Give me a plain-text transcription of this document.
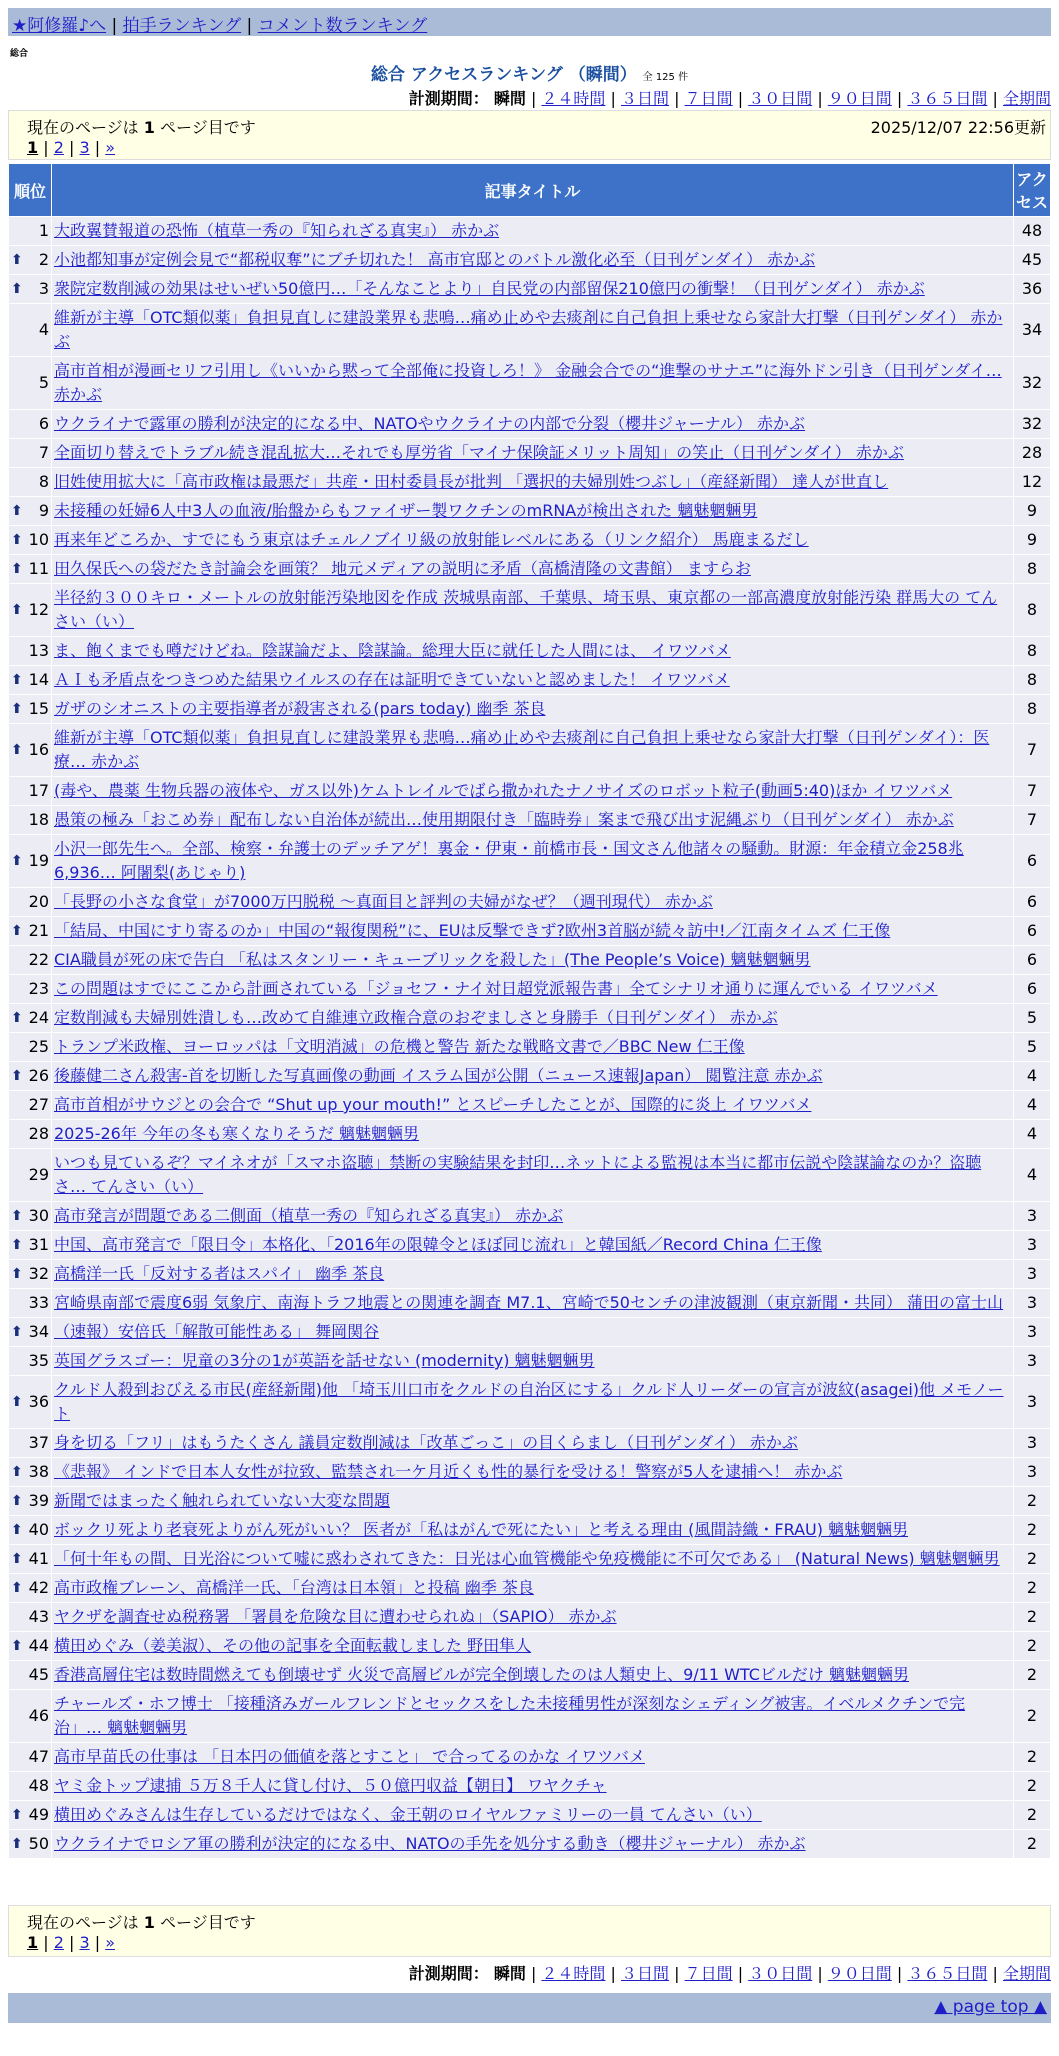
★阿修羅♪へ | 拍手ランキング | コメント数ランキング
総合
総合 アクセスランキング （瞬間） 全 125 件
計測期間： 瞬間 | ２４時間 | ３日間 | ７日間 | ３０日間 | ９０日間 | ３６５日間 | 全期間
現在のページは 1 ページ目です	2025/12/07 22:56更新
1 | 2 | 3 | »
順位	記事タイトル	アクセス
1	大政翼賛報道の恐怖（植草一秀の『知られざる真実』） 赤かぶ	48

⬆ 2	小池都知事が定例会見で“都税収奪”にブチ切れた！ 高市官邸とのバトル激化必至（日刊ゲンダイ） 赤かぶ	45

⬆ 3	衆院定数削減の効果はせいぜい50億円…「そんなことより」自民党の内部留保210億円の衝撃！（日刊ゲンダイ） 赤かぶ	36
4	維新が主導「OTC類似薬」負担見直しに建設業界も悲鳴…痛め止めや去痰剤に自己負担上乗せなら家計大打撃（日刊ゲンダイ） 赤かぶ	34
5	高市首相が漫画セリフ引用し《いいから黙って全部俺に投資しろ！》 金融会合での“進撃のサナエ”に海外ドン引き（日刊ゲンダイ… 赤かぶ	32
6	ウクライナで露軍の勝利が決定的になる中、NATOやウクライナの内部で分裂（櫻井ジャーナル） 赤かぶ	32
7	全面切り替えでトラブル続き混乱拡大…それでも厚労省「マイナ保険証メリット周知」の笑止（日刊ゲンダイ） 赤かぶ	28
8	旧姓使用拡大に「高市政権は最悪だ」共産・田村委員長が批判 「選択的夫婦別姓つぶし」（産経新聞） 達人が世直し	12

⬆ 9	未接種の妊婦6人中3人の血液/胎盤からもファイザー製ワクチンのmRNAが検出された 魑魅魍魎男	9

⬆ 10	再来年どころか、すでにもう東京はチェルノブイリ級の放射能レベルにある（リンク紹介） 馬鹿まるだし	9

⬆ 11	田久保氏への袋だたき討論会を画策？ 地元メディアの説明に矛盾（高橋清隆の文書館） ますらお	8

⬆ 12	半径約３００キロ・メートルの放射能汚染地図を作成 茨城県南部、千葉県、埼玉県、東京都の一部高濃度放射能汚染 群馬大の てんさい（い）	8
13	ま、飽くまでも噂だけどね。陰謀論だよ、陰謀論。総理大臣に就任した人間には、 イワツバメ	8

⬆ 14	ＡＩも矛盾点をつきつめた結果ウイルスの存在は証明できていないと認めました！ イワツバメ	8

⬆ 15	ガザのシオニストの主要指導者が殺害される(pars today) 幽季 茶良	8

⬆ 16	維新が主導「OTC類似薬」負担見直しに建設業界も悲鳴…痛め止めや去痰剤に自己負担上乗せなら家計大打撃（日刊ゲンダイ）：医療… 赤かぶ	7
17	(毒や、農薬 生物兵器の液体や、ガス以外)ケムトレイルでばら撒かれたナノサイズのロボット粒子(動画5:40)ほか イワツバメ	7
18	愚策の極み「おこめ券」配布しない自治体が続出…使用期限付き「臨時券」案まで飛び出す泥縄ぶり（日刊ゲンダイ） 赤かぶ	7

⬆ 19	小沢一郎先生へ。全部、検察・弁護士のデッチアゲ！裏金・伊東・前橋市長・国文さん他諸々の騒動。財源：年金積立金258兆6,936… 阿闍梨(あじゃり)	6
20	「長野の小さな食堂」が7000万円脱税 ～真面目と評判の夫婦がなぜ？（週刊現代） 赤かぶ	6

⬆ 21	「結局、中国にすり寄るのか」中国の“報復関税”に、EUは反撃できず?欧州3首脳が続々訪中!／江南タイムズ 仁王像	6
22	CIA職員が死の床で告白 「私はスタンリー・キューブリックを殺した」(The People’s Voice) 魑魅魍魎男	6
23	この問題はすでにここから計画されている「ジョセフ・ナイ対日超党派報告書」全てシナリオ通りに運んでいる イワツバメ	6

⬆ 24	定数削減も夫婦別姓潰しも…改めて自維連立政権合意のおぞましさと身勝手（日刊ゲンダイ） 赤かぶ	5
25	トランプ米政権、ヨーロッパは「文明消滅」の危機と警告 新たな戦略文書で／BBC New 仁王像	5

⬆ 26	後藤健二さん殺害-首を切断した写真画像の動画 イスラム国が公開（ニュース速報Japan） 閲覧注意 赤かぶ	4
27	高市首相がサウジとの会合で “Shut up your mouth!” とスピーチしたことが、国際的に炎上 イワツバメ	4
28	2025-26年 今年の冬も寒くなりそうだ 魑魅魍魎男	4
29	いつも見ているぞ？マイネオが「スマホ盗聴」禁断の実験結果を封印…ネットによる監視は本当に都市伝説や陰謀論なのか？盗聴さ… てんさい（い）	4

⬆ 30	高市発言が問題である二側面（植草一秀の『知られざる真実』） 赤かぶ	3

⬆ 31	中国、高市発言で「限日令」本格化、「2016年の限韓令とほぼ同じ流れ」と韓国紙／Record China 仁王像	3

⬆ 32	高橋洋一氏「反対する者はスパイ」 幽季 茶良	3
33	宮崎県南部で震度6弱 気象庁、南海トラフ地震との関連を調査 M7.1、宮崎で50センチの津波観測（東京新聞・共同） 蒲田の富士山	3

⬆ 34	（速報）安倍氏「解散可能性ある」 舞岡関谷	3
35	英国グラスゴー：児童の3分の1が英語を話せない (modernity) 魑魅魍魎男	3

⬆ 36	クルド人殺到おびえる市民(産経新聞)他 「埼玉川口市をクルドの自治区にする」クルド人リーダーの宣言が波紋(asagei)他 メモノート	3
37	身を切る「フリ」はもうたくさん 議員定数削減は「改革ごっこ」の目くらまし（日刊ゲンダイ） 赤かぶ	3

⬆ 38	《悲報》 インドで日本人女性が拉致、監禁され一ケ月近くも性的暴行を受ける！警察が5人を逮捕へ！ 赤かぶ	3

⬆ 39	新聞ではまったく触れられていない大変な問題	2

⬆ 40	ボックリ死より老衰死よりがん死がいい？ 医者が「私はがんで死にたい」と考える理由 (風間詩織・FRAU) 魑魅魍魎男	2

⬆ 41	「何十年もの間、日光浴について嘘に惑わされてきた：日光は心血管機能や免疫機能に不可欠である」 (Natural News) 魑魅魍魎男	2

⬆ 42	高市政権ブレーン、高橋洋一氏、「台湾は日本領」と投稿 幽季 茶良	2
43	ヤクザを調査せぬ税務署 「署員を危険な目に遭わせられぬ」（SAPIO） 赤かぶ	2

⬆ 44	横田めぐみ（姜美淑）、その他の記事を全面転載しました 野田隼人	2
45	香港高層住宅は数時間燃えても倒壊せず 火災で高層ビルが完全倒壊したのは人類史上、9/11 WTCビルだけ 魑魅魍魎男	2
46	チャールズ・ホフ博士 「接種済みガールフレンドとセックスをした未接種男性が深刻なシェディング被害。イベルメクチンで完治」… 魑魅魍魎男	2
47	高市早苗氏の仕事は 「日本円の価値を落とすこと」 で合ってるのかな イワツバメ	2
48	ヤミ金トップ逮捕 ５万８千人に貸し付け、５０億円収益【朝日】 ワヤクチャ	2

⬆ 49	横田めぐみさんは生存しているだけではなく、金王朝のロイヤルファミリーの一員 てんさい（い）	2

⬆ 50	ウクライナでロシア軍の勝利が決定的になる中、NATOの手先を処分する動き（櫻井ジャーナル） 赤かぶ	2
現在のページは 1 ページ目です
1 | 2 | 3 | »
計測期間： 瞬間 | ２４時間 | ３日間 | ７日間 | ３０日間 | ９０日間 | ３６５日間 | 全期間
▲ page top ▲
